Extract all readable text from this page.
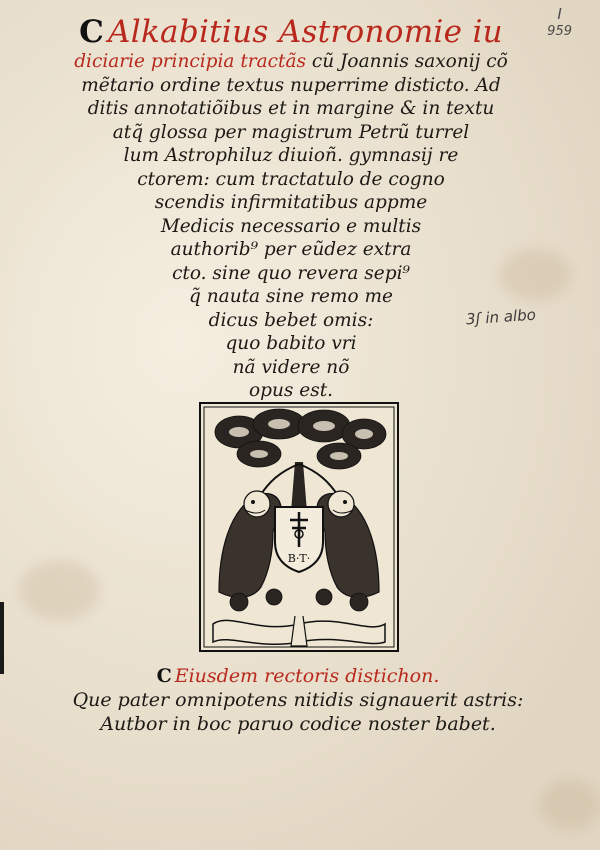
I
959
C Alkabitius Astronomie iu
diciarie principia tractãs cũ Joannis saxonij cõ
mẽtario ordine textus nuperrime disticto. Ad
ditis annotatiõibus et in margine & in textu
atq̃ glossa per magistrum Petrũ turrel
lum Astrophiluz diuioñ. gymnasij re
ctorem: cum tractatulo de cogno
scendis infirmitatibus appme
Medicis necessario e multis
authorib⁹ per eũdez extra
cto. sine quo revera sepi⁹
q̃ nauta sine remo me
dicus bebet omis:
quo babito vri
nã videre nõ
opus est.
3ʃ in albo
B·T·
C Eiusdem rectoris distichon.
Que pater omnipotens nitidis signauerit astris:
Autbor in boc paruo codice noster babet.
